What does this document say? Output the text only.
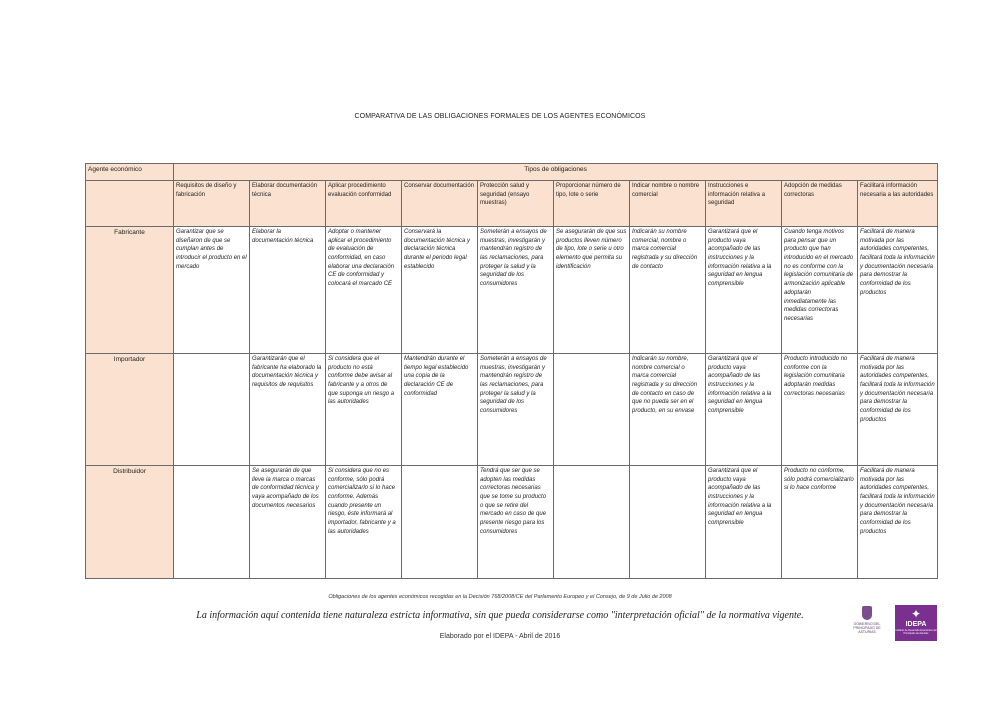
COMPARATIVA DE LAS OBLIGACIONES FORMALES DE LOS AGENTES ECONÓMICOS
Agente económico	Tipos de obligaciones									
	Requisitos de diseño y fabricación	Elaborar documentación técnica	Aplicar procedimiento evaluación conformidad	Conservar documentación	Protección salud y seguridad (ensayo muestras)	Proporcionar número de tipo, lote o serie	Indicar nombre o nombre comercial	Instrucciones e información relativa a seguridad	Adopción de medidas correctoras	Facilitará información necesaria a las autoridades
Fabricante	Garantizar que se diseñaron de que se cumplan antes de introducir el producto en el mercado	Elaborar la documentación técnica	Adoptar o mantener aplicar el procedimiento de evaluación de conformidad, en caso elaborar una declaración CE de conformidad y colocará el marcado CE	Conservará la documentación técnica y declaración técnica durante el periodo legal establecido	Someterán a ensayos de muestras, investigarán y mantendrán registro de las reclamaciones, para proteger la salud y la seguridad de los consumidores	Se asegurarán de que sus productos lleven número de tipo, lote o serie u otro elemento que permita su identificación	Indicarán su nombre comercial, nombre o marca comercial registrada y su dirección de contacto	Garantizará que el producto vaya acompañado de las instrucciones y la información relativa a la seguridad en lengua comprensible	Cuando tenga motivos para pensar que un producto que han introducido en el mercado no es conforme con la legislación comunitaria de armonización aplicable adoptarán inmediatamente las medidas correctoras necesarias	Facilitará de manera motivada por las autoridades competentes, facilitará toda la información y documentación necesaria para demostrar la conformidad de los productos
Importador		Garantizarán que el fabricante ha elaborado la documentación técnica y requisitos de requisitos	Si considera que el producto no está conforme debe avisar al fabricante y a otros de que suponga un riesgo a las autoridades	Mantendrán durante el tiempo legal establecido una copia de la declaración CE de conformidad	Someterán a ensayos de muestras, investigarán y mantendrán registro de las reclamaciones, para proteger la salud y la seguridad de los consumidores		Indicarán su nombre, nombre comercial o marca comercial registrada y su dirección de contacto en caso de que no pueda ser en el producto, en su envase	Garantizará que el producto vaya acompañado de las instrucciones y la información relativa a la seguridad en lengua comprensible	Producto introducido no conforme con la legislación comunitaria adoptarán medidas correctoras necesarias	Facilitará de manera motivada por las autoridades competentes, facilitará toda la información y documentación necesaria para demostrar la conformidad de los productos
Distribuidor		Se asegurarán de que lleve la marca o marcas de conformidad técnica y vaya acompañado de los documentos necesarios	Si considera que no es conforme, sólo podrá comercializarlo si lo hace conforme. Además cuando presente un riesgo, éste informará al importador, fabricante y a las autoridades		Tendrá que ser que se adopten las medidas correctoras necesarias que se tome su producto o que se retire del mercado en caso de que presente riesgo para los consumidores			Garantizará que el producto vaya acompañado de las instrucciones y la información relativa a la seguridad en lengua comprensible	Producto no conforme, sólo podrá comercializarlo si lo hace conforme	Facilitará de manera motivada por las autoridades competentes, facilitará toda la información y documentación necesaria para demostrar la conformidad de los productos
Obligaciones de los agentes económicos recogidas en la Decisión 768/2008/CE del Parlamento Europeo y el Consejo, de 9 de Julio de 2008
La información aquí contenida tiene naturaleza estricta informativa, sin que pueda considerarse como "interpretación oficial" de la normativa vigente.
Elaborado por el IDEPA - Abril de 2016
GOBIERNO DEL PRINCIPADO DE ASTURIAS
✦
IDEPA
Instituto de Desarrollo Económico del Principado de Asturias
